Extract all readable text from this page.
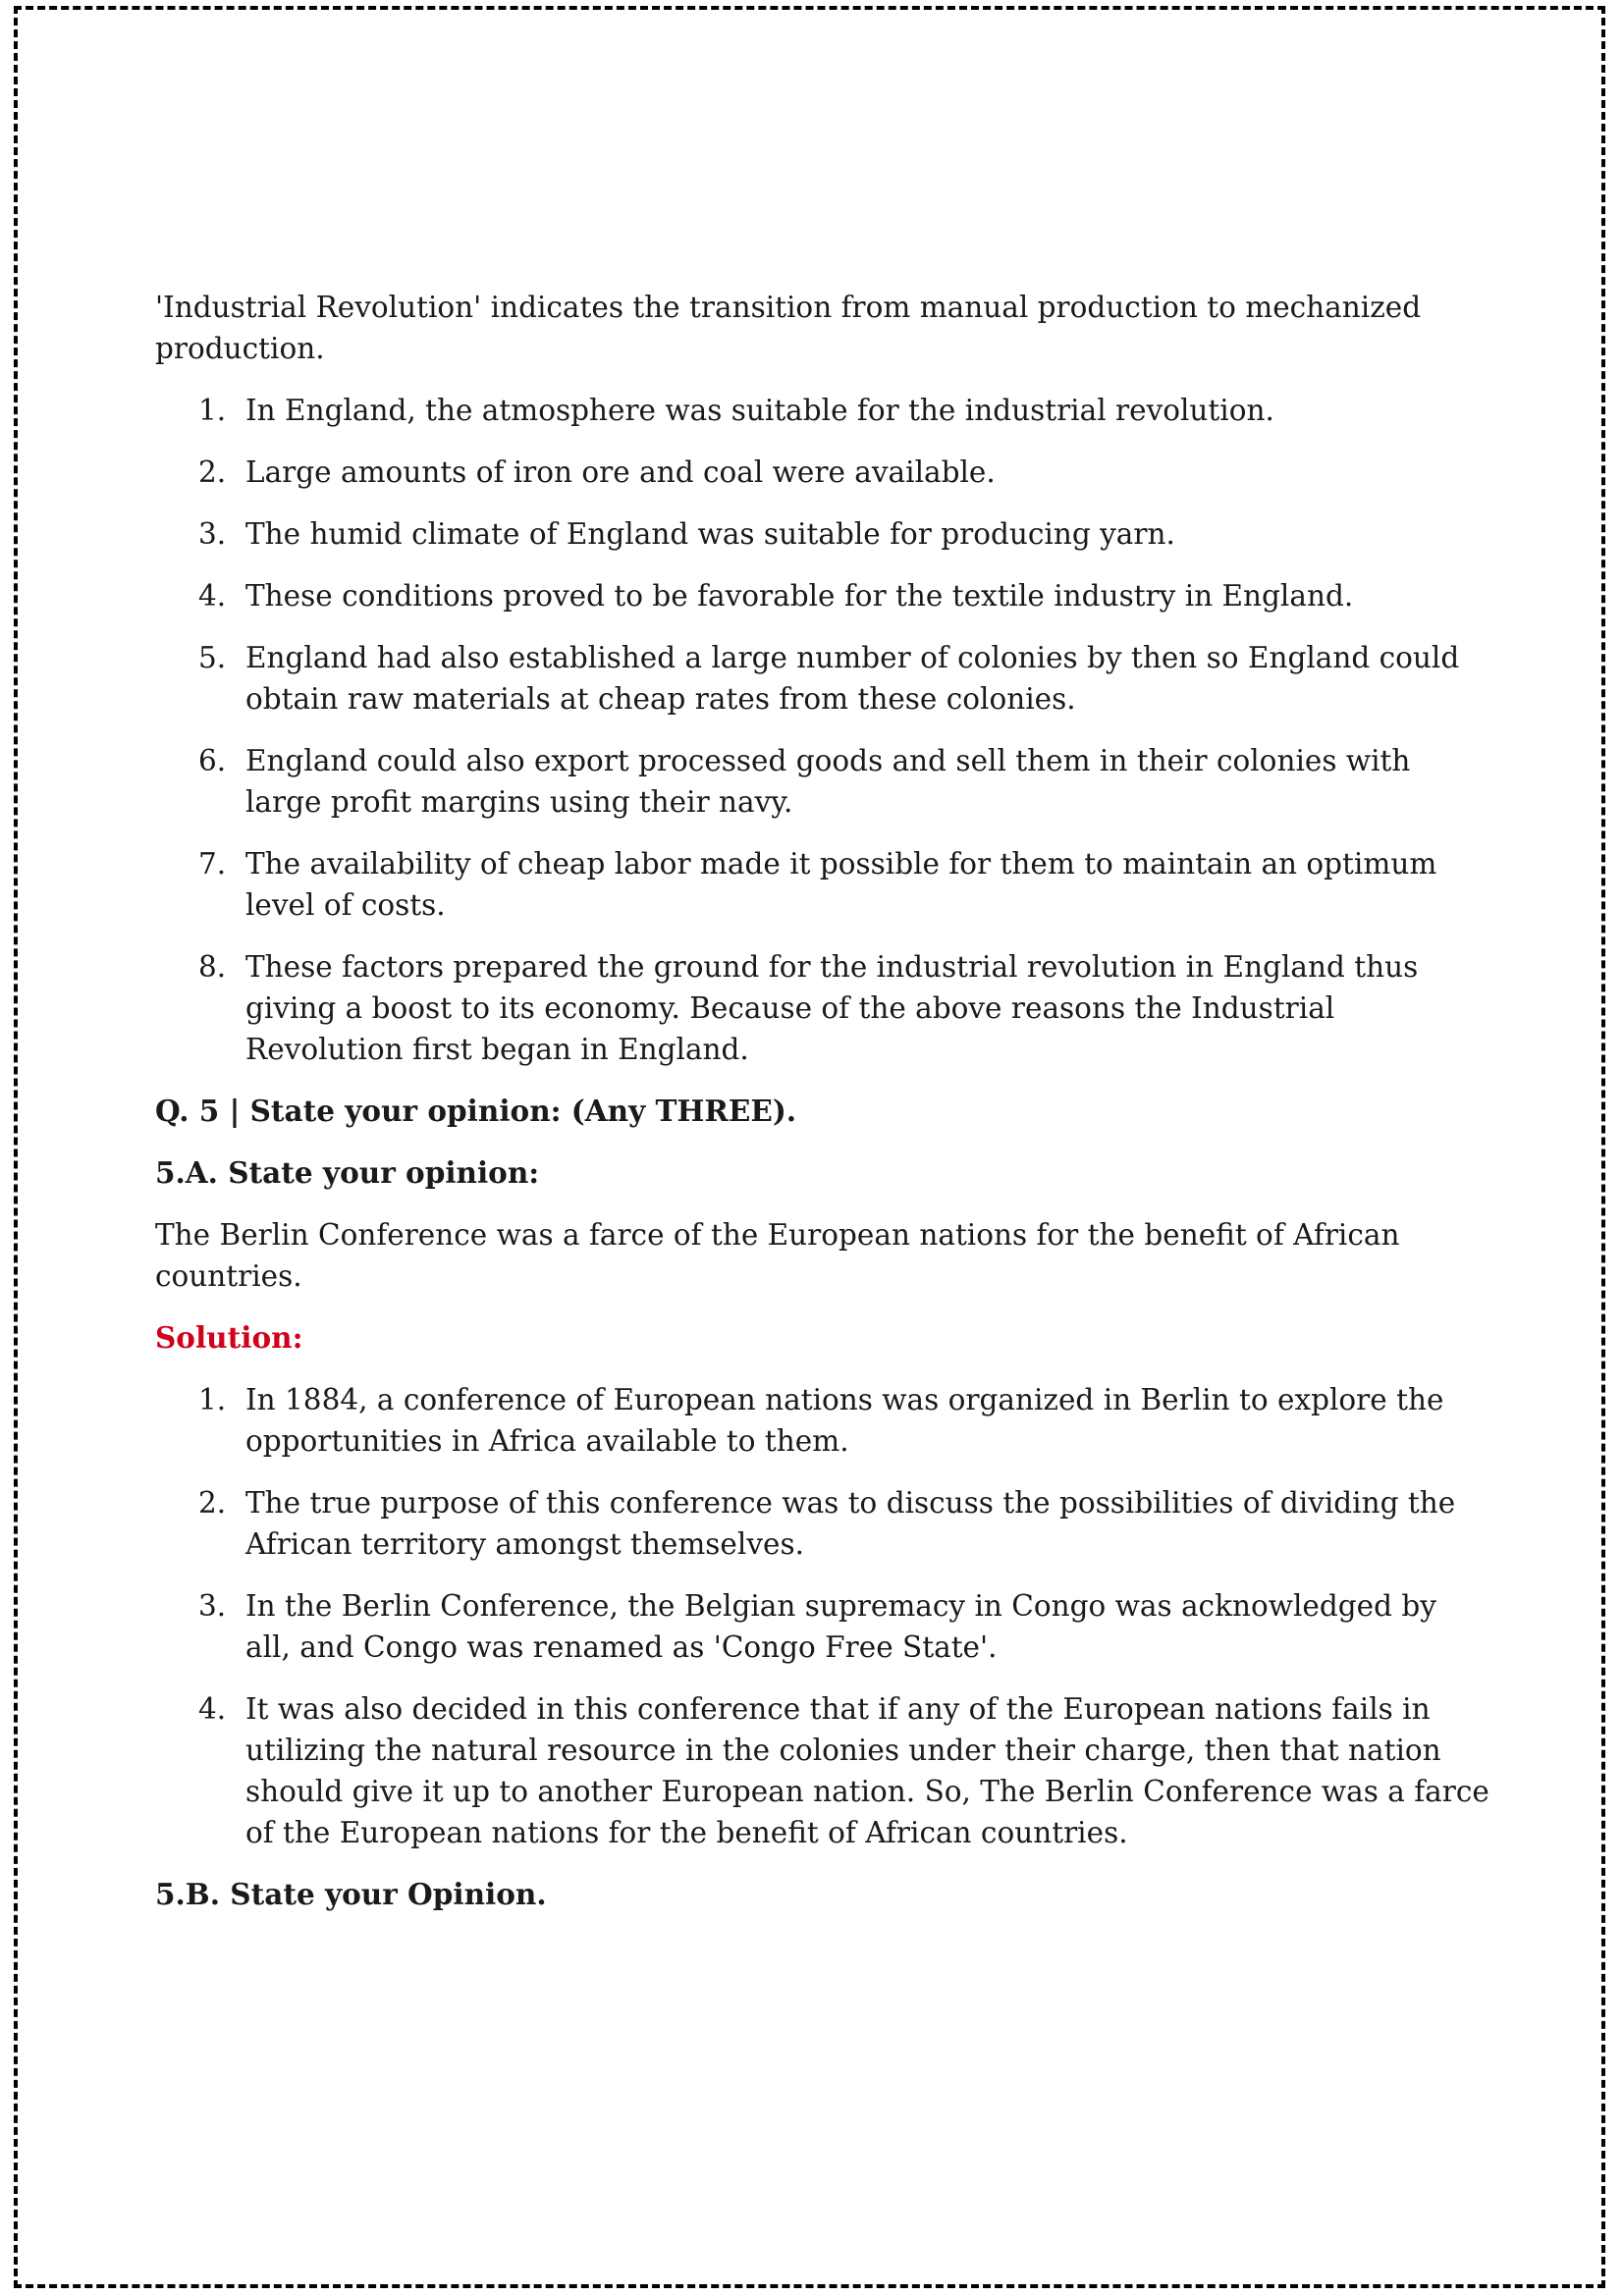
'Industrial Revolution' indicates the transition from manual production to mechanized production.

1. In England, the atmosphere was suitable for the industrial revolution.
2. Large amounts of iron ore and coal were available.
3. The humid climate of England was suitable for producing yarn.
4. These conditions proved to be favorable for the textile industry in England.
5. England had also established a large number of colonies by then so England could obtain raw materials at cheap rates from these colonies.
6. England could also export processed goods and sell them in their colonies with large profit margins using their navy.
7. The availability of cheap labor made it possible for them to maintain an optimum level of costs.
8. These factors prepared the ground for the industrial revolution in England thus giving a boost to its economy. Because of the above reasons the Industrial Revolution first began in England.

Q. 5 | State your opinion: (Any THREE).

5.A. State your opinion:

The Berlin Conference was a farce of the European nations for the benefit of African countries.

Solution:

1. In 1884, a conference of European nations was organized in Berlin to explore the opportunities in Africa available to them.
2. The true purpose of this conference was to discuss the possibilities of dividing the African territory amongst themselves.
3. In the Berlin Conference, the Belgian supremacy in Congo was acknowledged by all, and Congo was renamed as 'Congo Free State'.
4. It was also decided in this conference that if any of the European nations fails in utilizing the natural resource in the colonies under their charge, then that nation should give it up to another European nation. So, The Berlin Conference was a farce of the European nations for the benefit of African countries.

5.B. State your Opinion.
